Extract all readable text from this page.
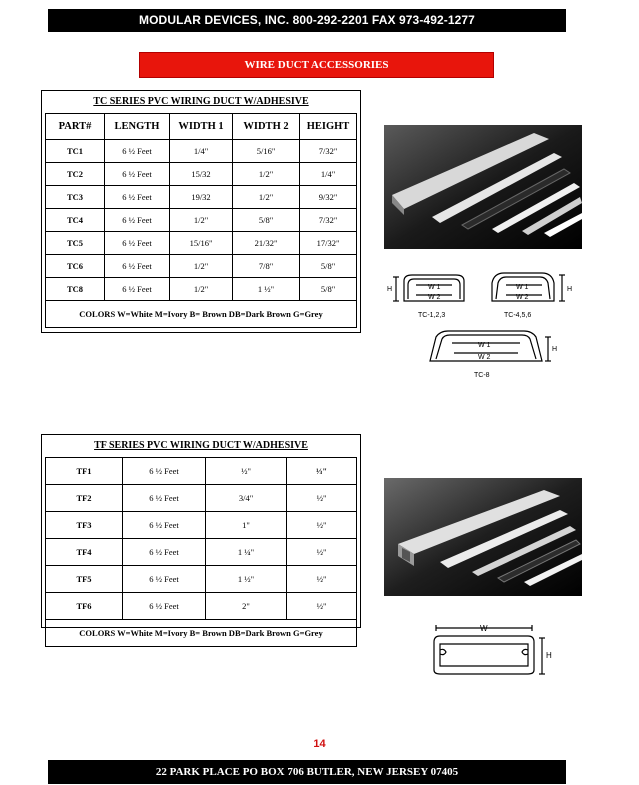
MODULAR DEVICES, INC. 800-292-2201 FAX 973-492-1277
WIRE DUCT ACCESSORIES
TC SERIES PVC WIRING DUCT W/ADHESIVE
PART#	LENGTH	WIDTH 1	WIDTH 2	HEIGHT
TC1	6 ½ Feet	1/4"	5/16"	7/32"
TC2	6 ½ Feet	15/32	1/2"	1/4"
TC3	6 ½ Feet	19/32	1/2"	9/32"
TC4	6 ½ Feet	1/2"	5/8"	7/32"
TC5	6 ½ Feet	15/16"	21/32"	17/32"
TC6	6 ½ Feet	1/2"	7/8"	5/8"
TC8	6 ½ Feet	1/2"	1 ½"	5/8"
COLORS W=White M=Ivory B= Brown DB=Dark Brown G=Grey				
H	W 1
W 2
TC-1,2,3
H
W 1
W 2
TC-4,5,6
H
W 1
W 2
TC-8
TF SERIES PVC WIRING DUCT W/ADHESIVE
TF1	6 ½ Feet	½"	⅓"
TF2	6 ½ Feet	3/4"	½"
TF3	6 ½ Feet	1"	½"
TF4	6 ½ Feet	1 ¼"	½"
TF5	6 ½ Feet	1 ½"	½"
TF6	6 ½ Feet	2"	½"
COLORS W=White M=Ivory B= Brown DB=Dark Brown G=Grey				W
H
14
22 PARK PLACE PO BOX 706 BUTLER, NEW JERSEY 07405
